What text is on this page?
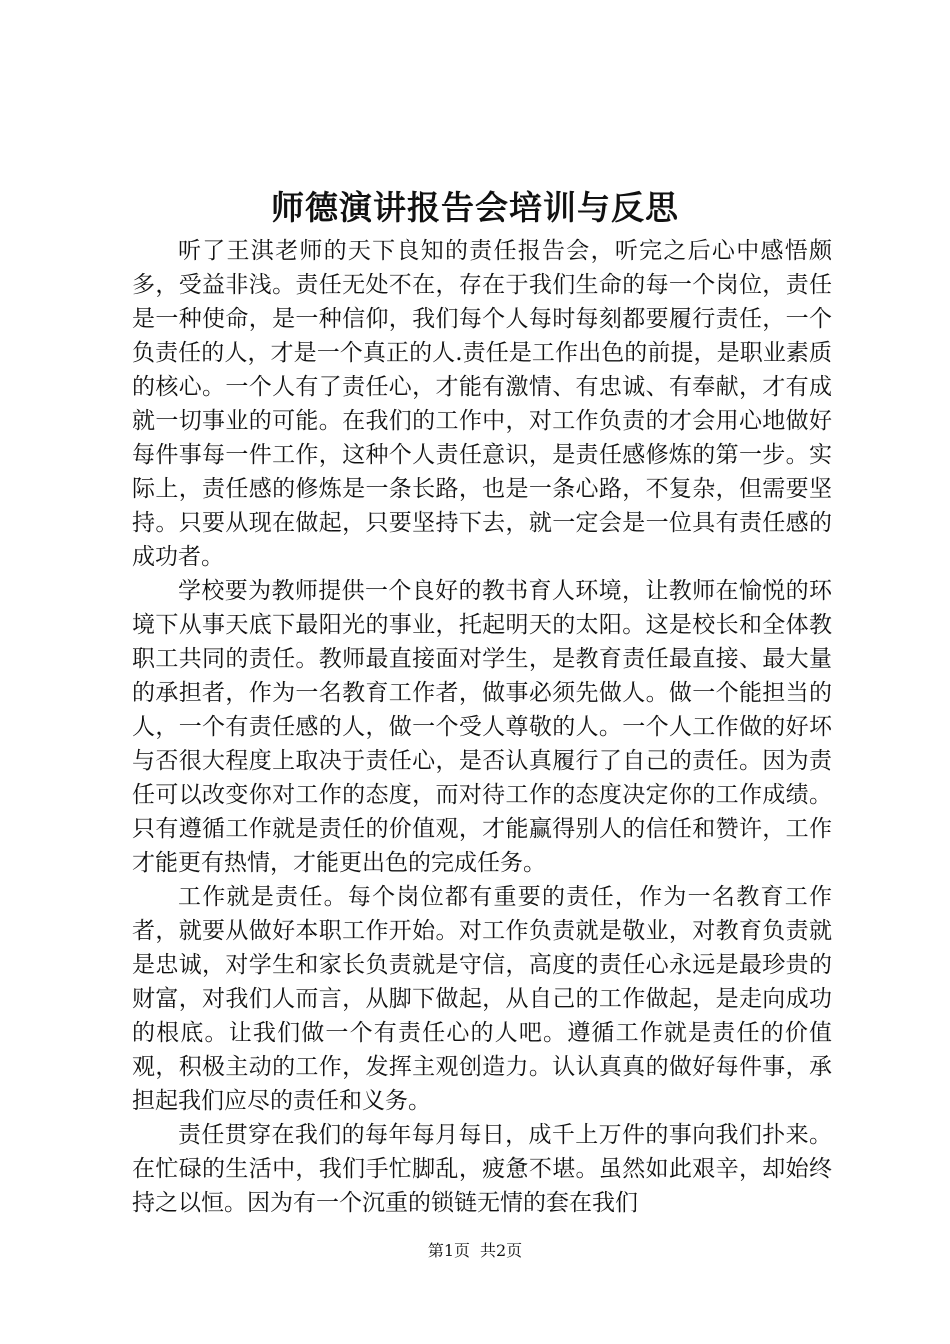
师德演讲报告会培训与反思

听了王淇老师的天下良知的责任报告会，听完之后心中感悟颇多，受益非浅。责任无处不在，存在于我们生命的每一个岗位，责任是一种使命，是一种信仰，我们每个人每时每刻都要履行责任，一个负责任的人，才是一个真正的人.责任是工作出色的前提，是职业素质的核心。一个人有了责任心，才能有激情、有忠诚、有奉献，才有成就一切事业的可能。在我们的工作中，对工作负责的才会用心地做好每件事每一件工作，这种个人责任意识，是责任感修炼的第一步。实际上，责任感的修炼是一条长路，也是一条心路，不复杂，但需要坚持。只要从现在做起，只要坚持下去，就一定会是一位具有责任感的成功者。

学校要为教师提供一个良好的教书育人环境，让教师在愉悦的环境下从事天底下最阳光的事业，托起明天的太阳。这是校长和全体教职工共同的责任。教师最直接面对学生，是教育责任最直接、最大量的承担者，作为一名教育工作者，做事必须先做人。做一个能担当的人，一个有责任感的人，做一个受人尊敬的人。一个人工作做的好坏与否很大程度上取决于责任心，是否认真履行了自己的责任。因为责任可以改变你对工作的态度，而对待工作的态度决定你的工作成绩。只有遵循工作就是责任的价值观，才能赢得别人的信任和赞许，工作才能更有热情，才能更出色的完成任务。

工作就是责任。每个岗位都有重要的责任，作为一名教育工作者，就要从做好本职工作开始。对工作负责就是敬业，对教育负责就是忠诚，对学生和家长负责就是守信，高度的责任心永远是最珍贵的财富，对我们人而言，从脚下做起，从自己的工作做起，是走向成功的根底。让我们做一个有责任心的人吧。遵循工作就是责任的价值观，积极主动的工作，发挥主观创造力。认认真真的做好每件事，承担起我们应尽的责任和义务。

责任贯穿在我们的每年每月每日，成千上万件的事向我们扑来。在忙碌的生活中，我们手忙脚乱，疲惫不堪。虽然如此艰辛，却始终持之以恒。因为有一个沉重的锁链无情的套在我们

第1页 共2页
